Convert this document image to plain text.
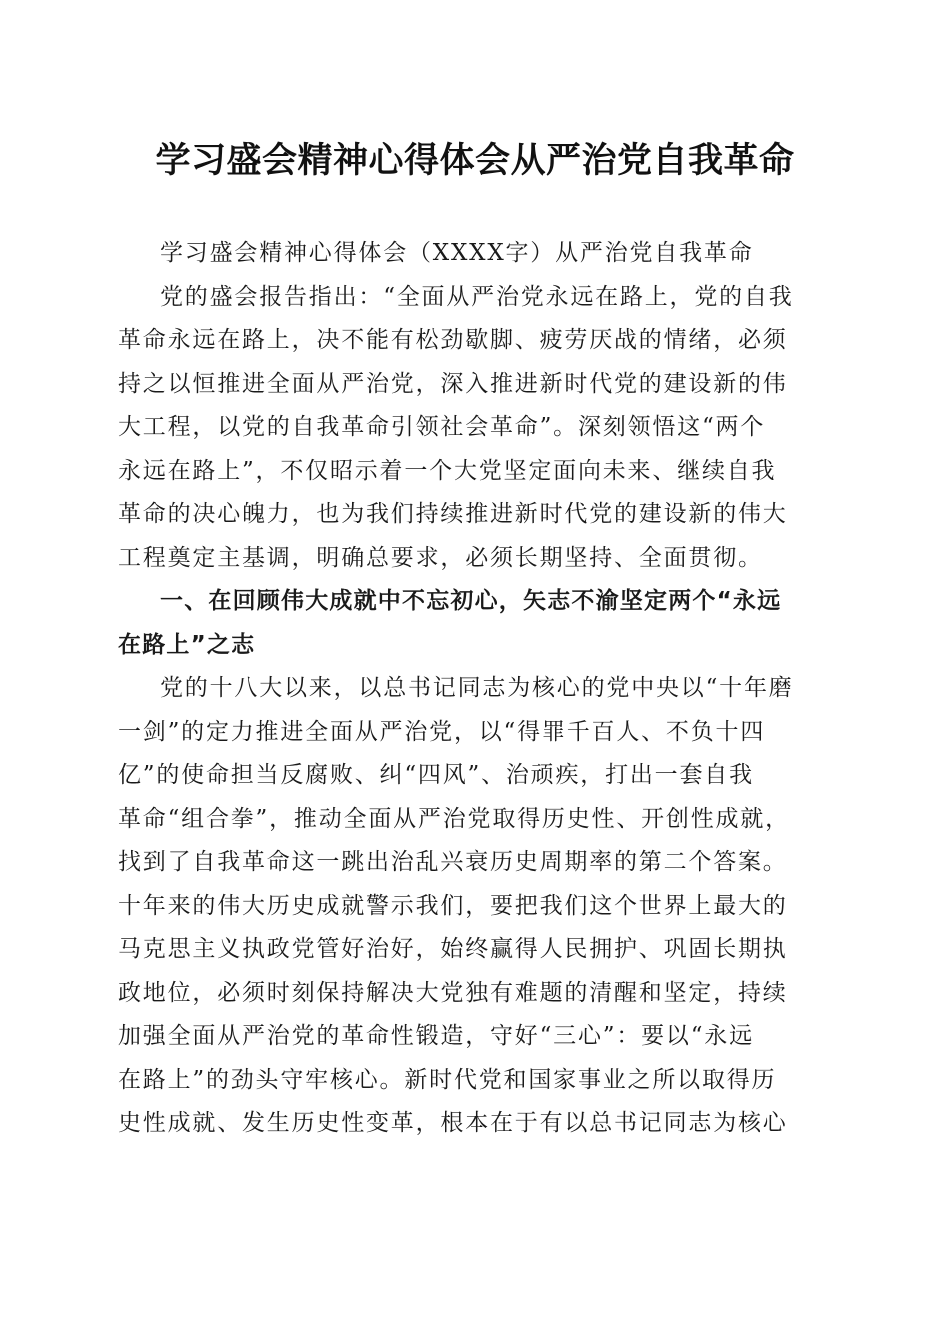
学习盛会精神心得体会从严治党自我革命
学习盛会精神心得体会（XXXX字）从严治党自我革命
党的盛会报告指出：“全面从严治党永远在路上，党的自我
革命永远在路上，决不能有松劲歇脚、疲劳厌战的情绪，必须
持之以恒推进全面从严治党，深入推进新时代党的建设新的伟
大工程，以党的自我革命引领社会革命”。深刻领悟这“两个
永远在路上”，不仅昭示着一个大党坚定面向未来、继续自我
革命的决心魄力，也为我们持续推进新时代党的建设新的伟大
工程奠定主基调，明确总要求，必须长期坚持、全面贯彻。
一、在回顾伟大成就中不忘初心，矢志不渝坚定两个“永远
在路上”之志
党的十八大以来，以总书记同志为核心的党中央以“十年磨
一剑”的定力推进全面从严治党，以“得罪千百人、不负十四
亿”的使命担当反腐败、纠“四风”、治顽疾，打出一套自我
革命“组合拳”，推动全面从严治党取得历史性、开创性成就，
找到了自我革命这一跳出治乱兴衰历史周期率的第二个答案。
十年来的伟大历史成就警示我们，要把我们这个世界上最大的
马克思主义执政党管好治好，始终赢得人民拥护、巩固长期执
政地位，必须时刻保持解决大党独有难题的清醒和坚定，持续
加强全面从严治党的革命性锻造，守好“三心”：要以“永远
在路上”的劲头守牢核心。新时代党和国家事业之所以取得历
史性成就、发生历史性变革，根本在于有以总书记同志为核心
